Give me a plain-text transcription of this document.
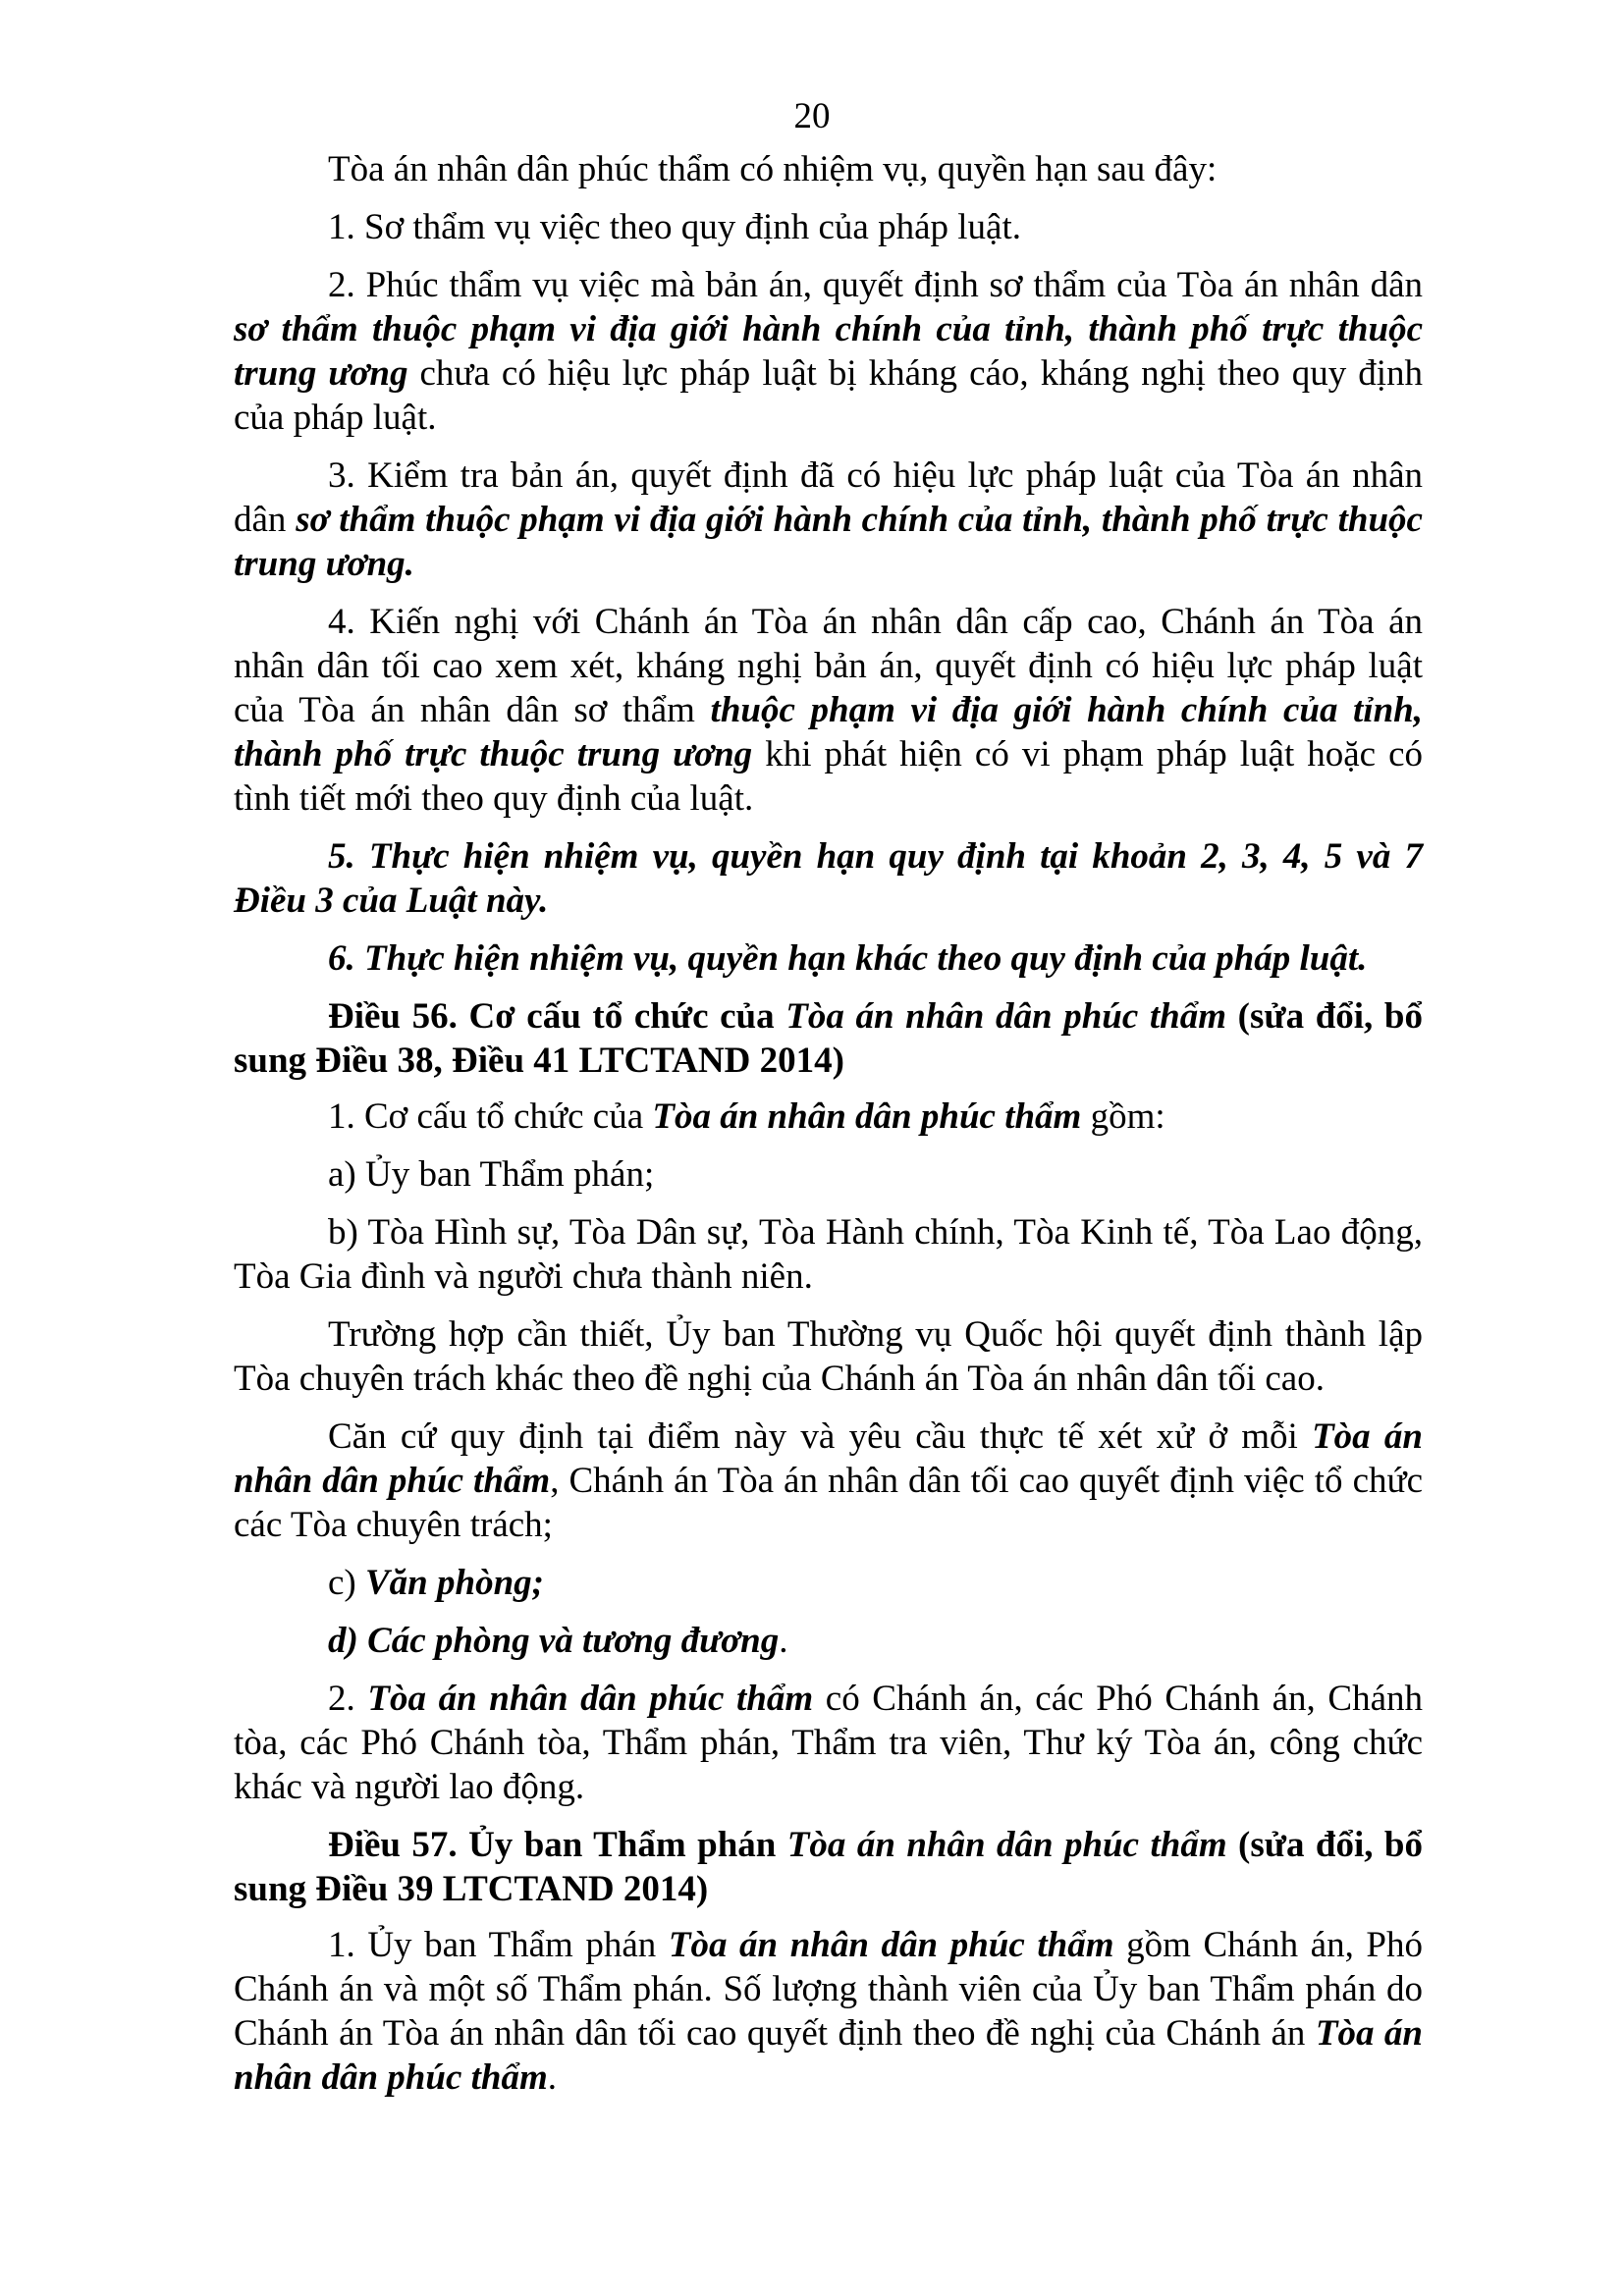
20

Tòa án nhân dân phúc thẩm có nhiệm vụ, quyền hạn sau đây:

1. Sơ thẩm vụ việc theo quy định của pháp luật.

2. Phúc thẩm vụ việc mà bản án, quyết định sơ thẩm của Tòa án nhân dân sơ thẩm thuộc phạm vi địa giới hành chính của tỉnh, thành phố trực thuộc trung ương chưa có hiệu lực pháp luật bị kháng cáo, kháng nghị theo quy định của pháp luật.

3. Kiểm tra bản án, quyết định đã có hiệu lực pháp luật của Tòa án nhân dân sơ thẩm thuộc phạm vi địa giới hành chính của tỉnh, thành phố trực thuộc trung ương.

4. Kiến nghị với Chánh án Tòa án nhân dân cấp cao, Chánh án Tòa án nhân dân tối cao xem xét, kháng nghị bản án, quyết định có hiệu lực pháp luật của Tòa án nhân dân sơ thẩm thuộc phạm vi địa giới hành chính của tỉnh, thành phố trực thuộc trung ương khi phát hiện có vi phạm pháp luật hoặc có tình tiết mới theo quy định của luật.

5. Thực hiện nhiệm vụ, quyền hạn quy định tại khoản 2, 3, 4, 5 và 7 Điều 3 của Luật này.

6. Thực hiện nhiệm vụ, quyền hạn khác theo quy định của pháp luật.

Điều 56. Cơ cấu tổ chức của Tòa án nhân dân phúc thẩm (sửa đổi, bổ sung Điều 38, Điều 41 LTCTAND 2014)

1. Cơ cấu tổ chức của Tòa án nhân dân phúc thẩm gồm:

a) Ủy ban Thẩm phán;

b) Tòa Hình sự, Tòa Dân sự, Tòa Hành chính, Tòa Kinh tế, Tòa Lao động, Tòa Gia đình và người chưa thành niên.

Trường hợp cần thiết, Ủy ban Thường vụ Quốc hội quyết định thành lập Tòa chuyên trách khác theo đề nghị của Chánh án Tòa án nhân dân tối cao.

Căn cứ quy định tại điểm này và yêu cầu thực tế xét xử ở mỗi Tòa án nhân dân phúc thẩm, Chánh án Tòa án nhân dân tối cao quyết định việc tổ chức các Tòa chuyên trách;

c) Văn phòng;

d) Các phòng và tương đương.

2. Tòa án nhân dân phúc thẩm có Chánh án, các Phó Chánh án, Chánh tòa, các Phó Chánh tòa, Thẩm phán, Thẩm tra viên, Thư ký Tòa án, công chức khác và người lao động.

Điều 57. Ủy ban Thẩm phán Tòa án nhân dân phúc thẩm (sửa đổi, bổ sung Điều 39 LTCTAND 2014)

1. Ủy ban Thẩm phán Tòa án nhân dân phúc thẩm gồm Chánh án, Phó Chánh án và một số Thẩm phán. Số lượng thành viên của Ủy ban Thẩm phán do Chánh án Tòa án nhân dân tối cao quyết định theo đề nghị của Chánh án Tòa án nhân dân phúc thẩm.
